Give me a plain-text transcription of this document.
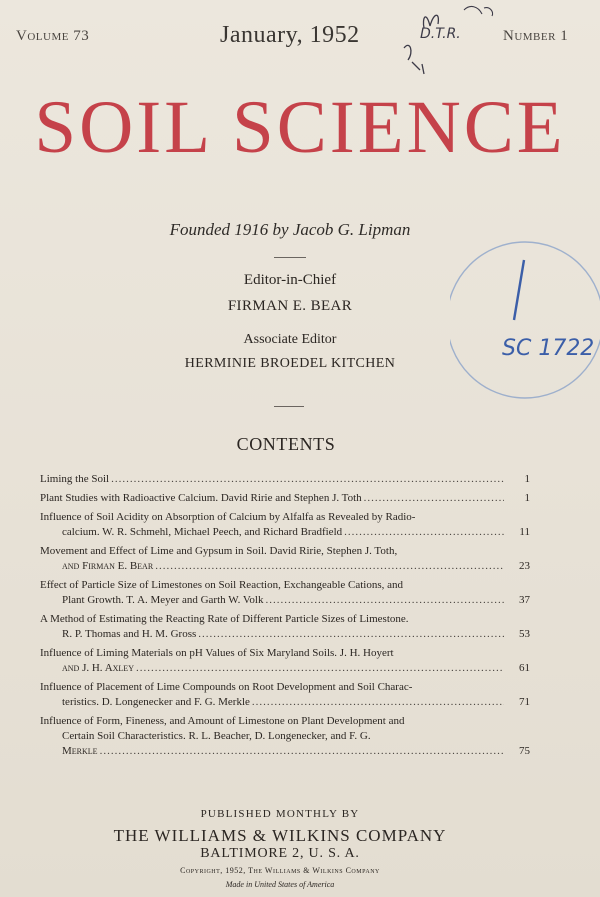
Volume 73	January, 1952	Number 1
D.T.R.
SOIL SCIENCE
Founded 1916 by Jacob G. Lipman
Editor-in-Chief
FIRMAN E. BEAR
Associate Editor
HERMINIE BROEDEL KITCHEN
SC 1722
CONTENTS
Liming the Soil .....	1
Plant Studies with Radioactive Calcium. David Ririe and Stephen J. Toth .....	1
Influence of Soil Acidity on Absorption of Calcium by Alfalfa as Revealed by Radio-
calcium. W. R. Schmehl, Michael Peech, and Richard Bradfield .....	11
Movement and Effect of Lime and Gypsum in Soil. David Ririe, Stephen J. Toth,
and Firman E. Bear .....	23
Effect of Particle Size of Limestones on Soil Reaction, Exchangeable Cations, and
Plant Growth. T. A. Meyer and Garth W. Volk .....	37
A Method of Estimating the Reacting Rate of Different Particle Sizes of Limestone.
R. P. Thomas and H. M. Gross .....	53
Influence of Liming Materials on pH Values of Six Maryland Soils. J. H. Hoyert
and J. H. Axley .....	61
Influence of Placement of Lime Compounds on Root Development and Soil Charac-
teristics. D. Longenecker and F. G. Merkle .....	71
Influence of Form, Fineness, and Amount of Limestone on Plant Development and
Certain Soil Characteristics. R. L. Beacher, D. Longenecker, and F. G.
Merkle .....	75
PUBLISHED MONTHLY BY
THE WILLIAMS & WILKINS COMPANY
BALTIMORE 2, U. S. A.
Copyright, 1952, The Williams & Wilkins Company
Made in United States of America
